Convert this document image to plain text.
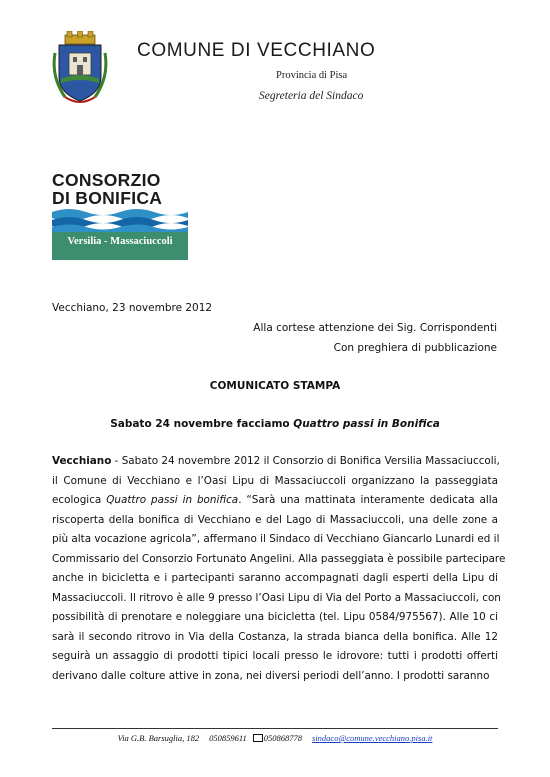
COMUNE DI VECCHIANO
Provincia di Pisa
Segreteria del Sindaco
CONSORZIO
DI BONIFICA
Versilia - Massaciuccoli
Vecchiano, 23 novembre 2012
Alla cortese attenzione dei Sig. Corrispondenti
Con preghiera di pubblicazione
COMUNICATO STAMPA
Sabato 24 novembre facciamo Quattro passi in Bonifica
Vecchiano - Sabato 24 novembre 2012 il Consorzio di Bonifica Versilia Massaciuccoli,
il Comune di Vecchiano e l’Oasi Lipu di Massaciuccoli organizzano la passeggiata
ecologica Quattro passi in bonifica. “Sarà una mattinata interamente dedicata alla
riscoperta della bonifica di Vecchiano e del Lago di Massaciuccoli, una delle zone a
più alta vocazione agricola”, affermano il Sindaco di Vecchiano Giancarlo Lunardi ed il
Commissario del Consorzio Fortunato Angelini. Alla passeggiata è possibile partecipare
anche in bicicletta e i partecipanti saranno accompagnati dagli esperti della Lipu di
Massaciuccoli. Il ritrovo è alle 9 presso l’Oasi Lipu di Via del Porto a Massaciuccoli, con
possibilità di prenotare e noleggiare una bicicletta (tel. Lipu 0584/975567). Alle 10 ci
sarà il secondo ritrovo in Via della Costanza, la strada bianca della bonifica. Alle 12
seguirà un assaggio di prodotti tipici locali presso le idrovore: tutti i prodotti offerti
derivano dalle colture attive in zona, nei diversi periodi dell’anno. I prodotti saranno
Via G.B. Barsuglia, 182 050859611 050868778 sindaco@comune.vecchiano.pisa.it
